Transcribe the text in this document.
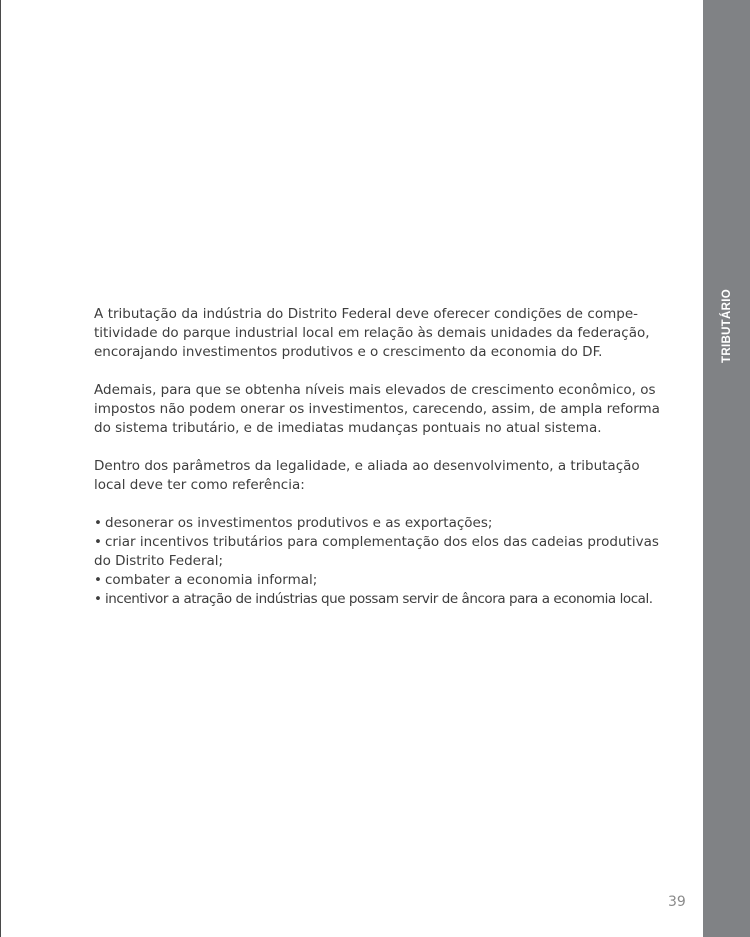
TRIBUTÁRIO
A tributação da indústria do Distrito Federal deve oferecer condições de compe-
titividade do parque industrial local em relação às demais unidades da federação,
encorajando investimentos produtivos e o crescimento da economia do DF.
Ademais, para que se obtenha níveis mais elevados de crescimento econômico, os
impostos não podem onerar os investimentos, carecendo, assim, de ampla reforma
do sistema tributário, e de imediatas mudanças pontuais no atual sistema.
Dentro dos parâmetros da legalidade, e aliada ao desenvolvimento, a tributação
local deve ter como referência:
• desonerar os investimentos produtivos e as exportações;
• criar incentivos tributários para complementação dos elos das cadeias produtivas
do Distrito Federal;
• combater a economia informal;
• incentivor a atração de indústrias que possam servir de âncora para a economia local.
39
